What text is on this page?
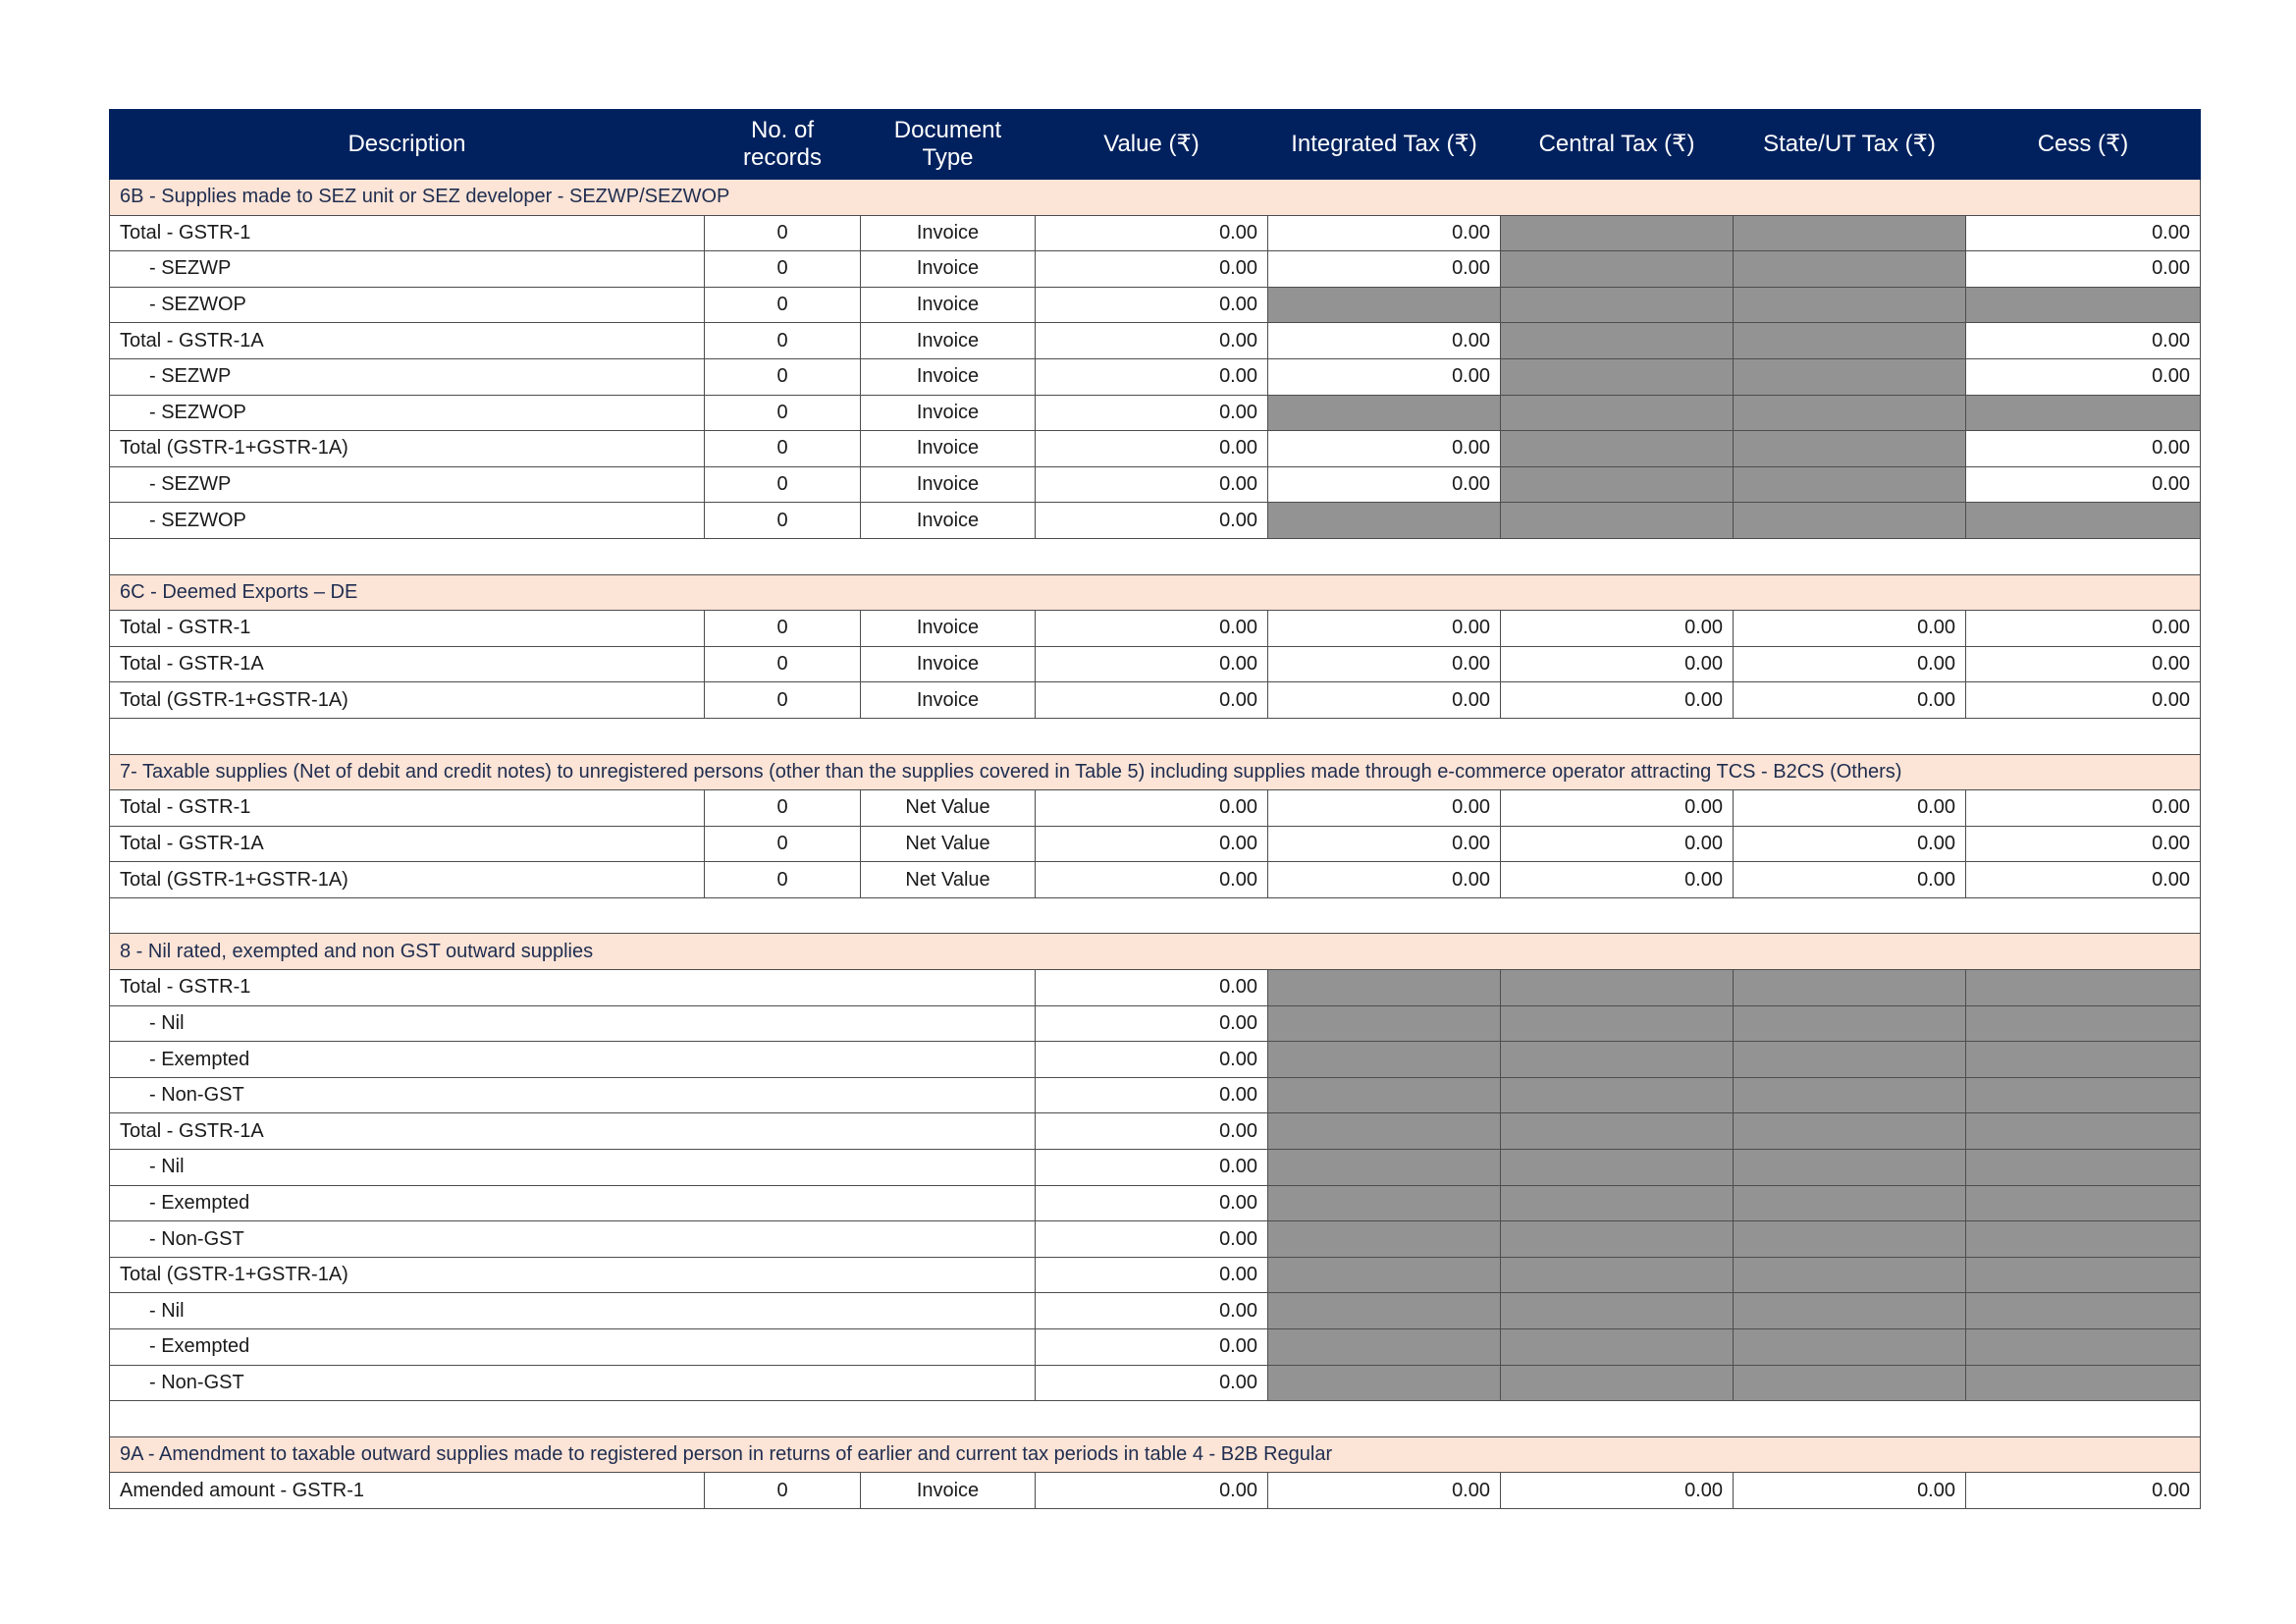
Description	No. of records	Document Type	Value (₹)	Integrated Tax (₹)	Central Tax (₹)	State/UT Tax (₹)	Cess (₹)
6B - Supplies made to SEZ unit or SEZ developer - SEZWP/SEZWOP							
Total - GSTR-1	0	Invoice	0.00	0.00			0.00
- SEZWP	0	Invoice	0.00	0.00			0.00
- SEZWOP	0	Invoice	0.00				
Total - GSTR-1A	0	Invoice	0.00	0.00			0.00
- SEZWP	0	Invoice	0.00	0.00			0.00
- SEZWOP	0	Invoice	0.00				
Total (GSTR-1+GSTR-1A)	0	Invoice	0.00	0.00			0.00
- SEZWP	0	Invoice	0.00	0.00			0.00
- SEZWOP	0	Invoice	0.00				

6C - Deemed Exports – DE							
Total - GSTR-1	0	Invoice	0.00	0.00	0.00	0.00	0.00
Total - GSTR-1A	0	Invoice	0.00	0.00	0.00	0.00	0.00
Total (GSTR-1+GSTR-1A)	0	Invoice	0.00	0.00	0.00	0.00	0.00

7- Taxable supplies (Net of debit and credit notes) to unregistered persons (other than the supplies covered in Table 5) including supplies made through e-commerce operator attracting TCS - B2CS (Others)							
Total - GSTR-1	0	Net Value	0.00	0.00	0.00	0.00	0.00
Total - GSTR-1A	0	Net Value	0.00	0.00	0.00	0.00	0.00
Total (GSTR-1+GSTR-1A)	0	Net Value	0.00	0.00	0.00	0.00	0.00

8 - Nil rated, exempted and non GST outward supplies							
Total - GSTR-1			0.00				
- Nil			0.00				
- Exempted			0.00				
- Non-GST			0.00				
Total - GSTR-1A			0.00				
- Nil			0.00				
- Exempted			0.00				
- Non-GST			0.00				
Total (GSTR-1+GSTR-1A)			0.00				
- Nil			0.00				
- Exempted			0.00				
- Non-GST			0.00				

9A - Amendment to taxable outward supplies made to registered person in returns of earlier and current tax periods in table 4 - B2B Regular							
Amended amount - GSTR-1	0	Invoice	0.00	0.00	0.00	0.00	0.00
